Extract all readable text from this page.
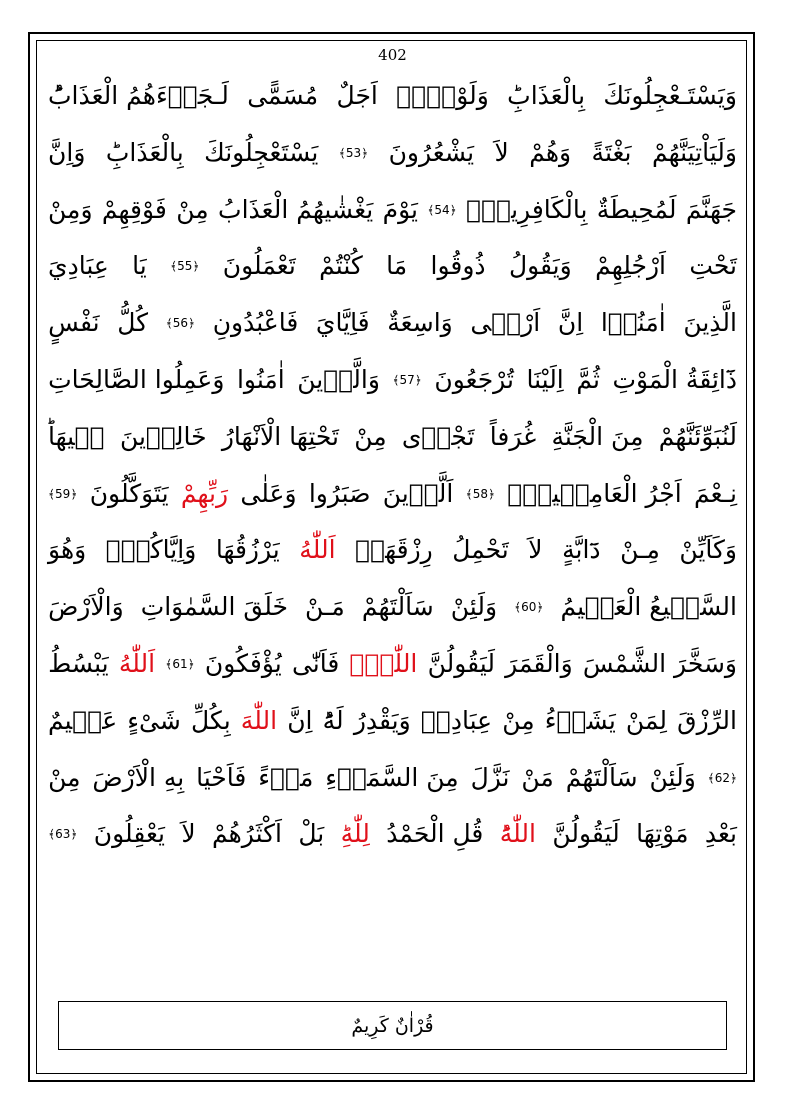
402
وَيَسْتَـعْجِلُونَكَ
بِالْعَذَابِؕ
وَلَوْلَاۤ
اَجَلٌ
مُسَمًّى
لَـجَاۤءَهُمُ الْعَذَابُؕ
وَلَيَاْتِيَنَّهُمْ
بَغْتَةً
وَهُمْ
لاَ
يَشْعُرُونَ
﴿53﴾
يَسْتَعْجِلُونَكَ
بِالْعَذَابِؕ
وَاِنَّ
جَهَنَّمَ
لَمُحِيطَةٌ
بِالْكَافِرِينَۙ
﴿54﴾
يَوْمَ
يَغْشٰيهُمُ الْعَذَابُ
مِنْ
فَوْقِهِمْ
وَمِنْ
تَحْتِ
اَرْجُلِهِمْ
وَيَقُولُ
ذُوقُوا
مَا
كُنْتُمْ
تَعْمَلُونَ
﴿55﴾
يَا
عِبَادِيَ
الَّذِينَ
اٰمَنُوۤا
اِنَّ
اَرْضٖى
وَاسِعَةٌ
فَاِيَّايَ
فَاعْبُدُونِ
﴿56﴾
كُلُّ
نَفْسٍ
ذَٓائِقَةُ الْمَوْتِ
ثُمَّ
اِلَيْنَا
تُرْجَعُونَ
﴿57﴾
وَالَّذٖينَ
اٰمَنُوا
وَعَمِلُوا الصَّالِحَاتِ
لَنُبَوِّئَنَّهُمْ
مِنَ الْجَنَّةِ
غُرَفاً
تَجْرٖى
مِنْ
تَحْتِهَا الْاَنْهَارُ
خَالِدٖينَ
فٖيهَاؕ
نِـعْمَ
اَجْرُ الْعَامِلٖينَۗ
﴿58﴾
اَلَّذٖينَ
صَبَرُوا
وَعَلٰى
رَبِّهِمْ
يَتَوَكَّلُونَ
﴿59﴾
وَكَاَيِّنْ
مِـنْ
دَٓابَّةٍ
لاَ
تَحْمِلُ
رِزْقَهَاۗ
اَللّٰهُ
يَرْزُقُهَا
وَاِيَّاكُمْۘ
وَهُوَ
السَّمٖيعُ الْعَلٖيمُ
﴿60﴾
وَلَئِنْ
سَاَلْتَهُمْ
مَـنْ
خَلَقَ السَّمٰوَاتِ
وَالْاَرْضَ
وَسَخَّرَ الشَّمْسَ
وَالْقَمَرَ
لَيَقُولُنَّ
اللّٰهُۚ
فَاَنّٰى
يُؤْفَكُونَ
﴿61﴾
اَللّٰهُ
يَبْسُطُ
الرِّزْقَ
لِمَنْ
يَشَاۤءُ
مِنْ
عِبَادِهٖ
وَيَقْدِرُ
لَهُؕ
اِنَّ
اللّٰهَ
بِكُلِّ
شَیْءٍ
عَلٖيمٌ
﴿62﴾
وَلَئِنْ
سَاَلْتَهُمْ
مَنْ
نَزَّلَ
مِنَ السَّمَاۤءِ
مَاۤءً
فَاَحْيَا
بِهِ الْاَرْضَ
مِنْ
بَعْدِ
مَوْتِهَا
لَيَقُولُنَّ
اللّٰهُؕ
قُلِ الْحَمْدُ
لِلّٰهِؕ
بَلْ
اَكْثَرُهُمْ
لاَ
يَعْقِلُونَ
﴿63﴾
قُرْاٰنٌ كَرِيمٌ
